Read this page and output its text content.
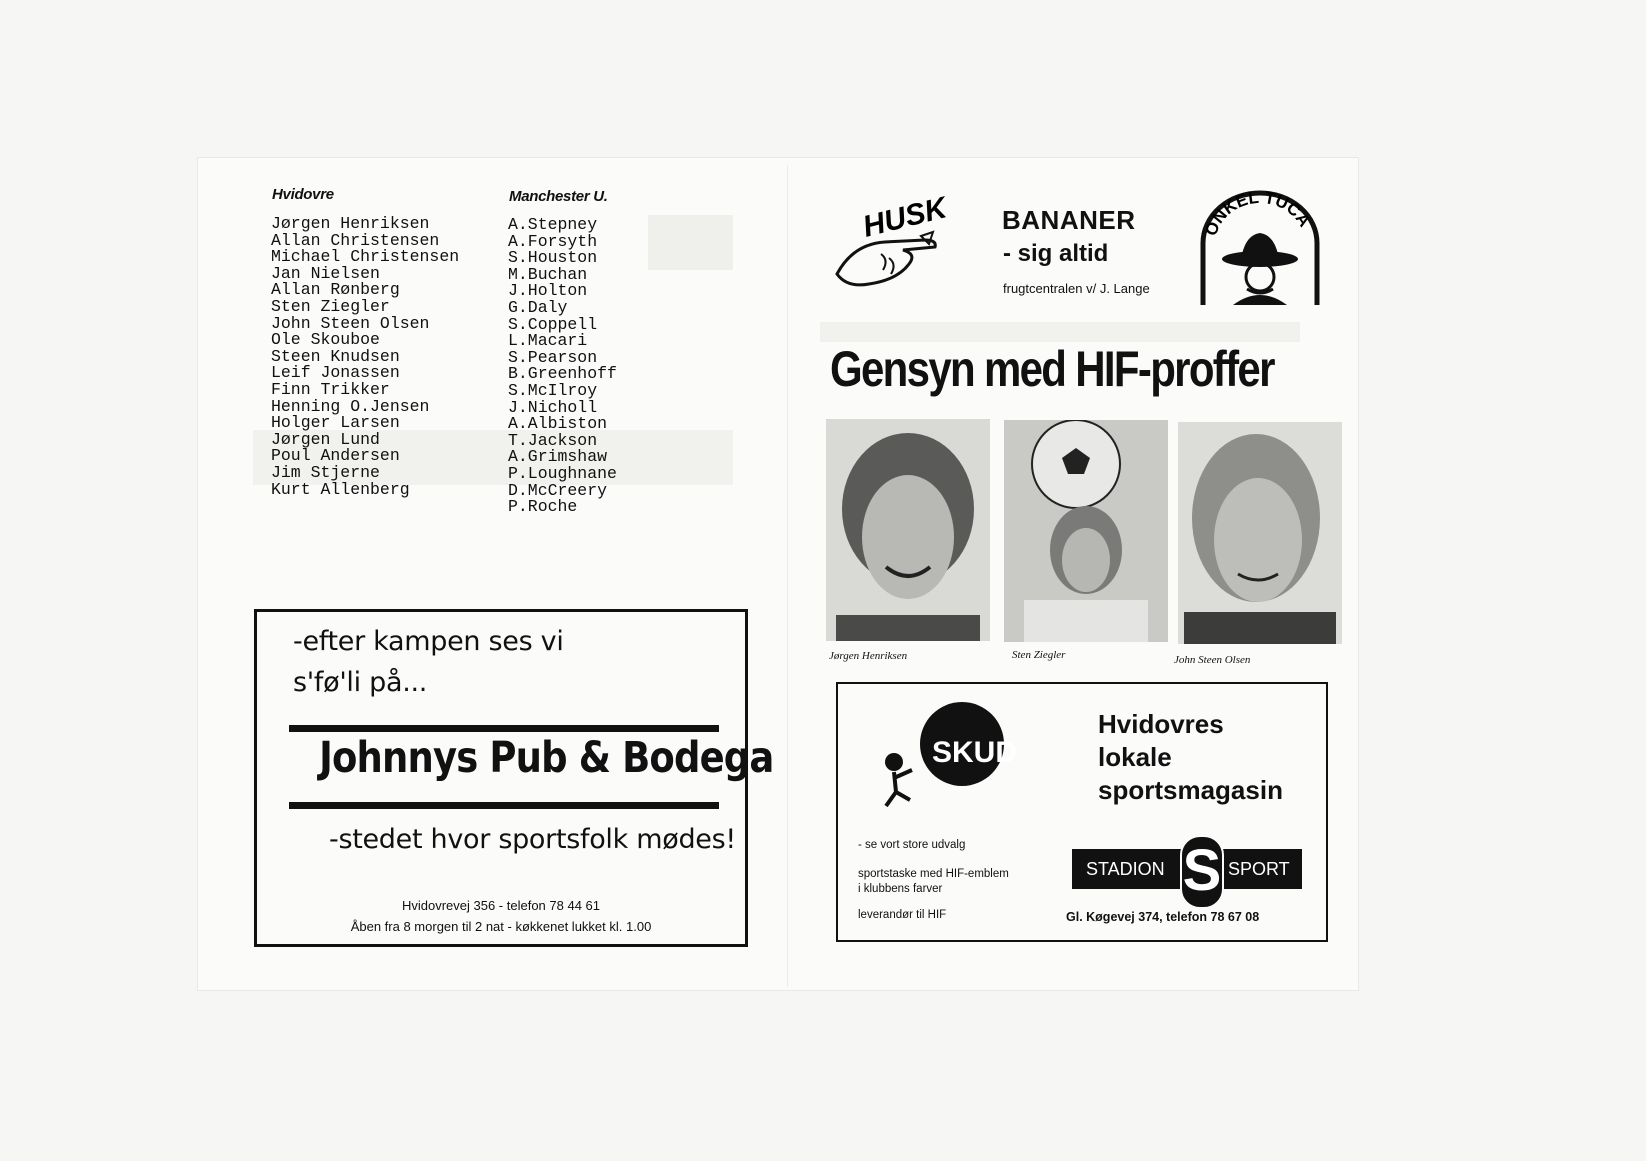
Hvidovre
Jørgen Henriksen
Allan Christensen
Michael Christensen
Jan Nielsen
Allan Rønberg
Sten Ziegler
John Steen Olsen
Ole Skouboe
Steen Knudsen
Leif Jonassen
Finn Trikker
Henning O.Jensen
Holger Larsen
Jørgen Lund
Poul Andersen
Jim Stjerne
Kurt Allenberg
Manchester U.
A.Stepney
A.Forsyth
S.Houston
M.Buchan
J.Holton
G.Daly
S.Coppell
L.Macari
S.Pearson
B.Greenhoff
S.McIlroy
J.Nicholl
A.Albiston
T.Jackson
A.Grimshaw
P.Loughnane
D.McCreery
P.Roche
-efter kampen ses vi
s'fø'li på...
Johnnys Pub & Bodega
-stedet hvor sportsfolk mødes!
Hvidovrevej 356 - telefon 78 44 61
Åben fra 8 morgen til 2 nat - køkkenet lukket kl. 1.00
HUSK BANANER
- sig altid
frugtcentralen v/ J. Lange
ONKEL TUCA
Gensyn med HIF-proffer
Jørgen Henriksen	Sten Ziegler	John Steen Olsen
SKUD
Hvidovres
lokale
sportsmagasin
- se vort store udvalg
sportstaske med HIF-emblem
i klubbens farver
leverandør til HIF
STADION S SPORT
Gl. Køgevej 374, telefon 78 67 08
